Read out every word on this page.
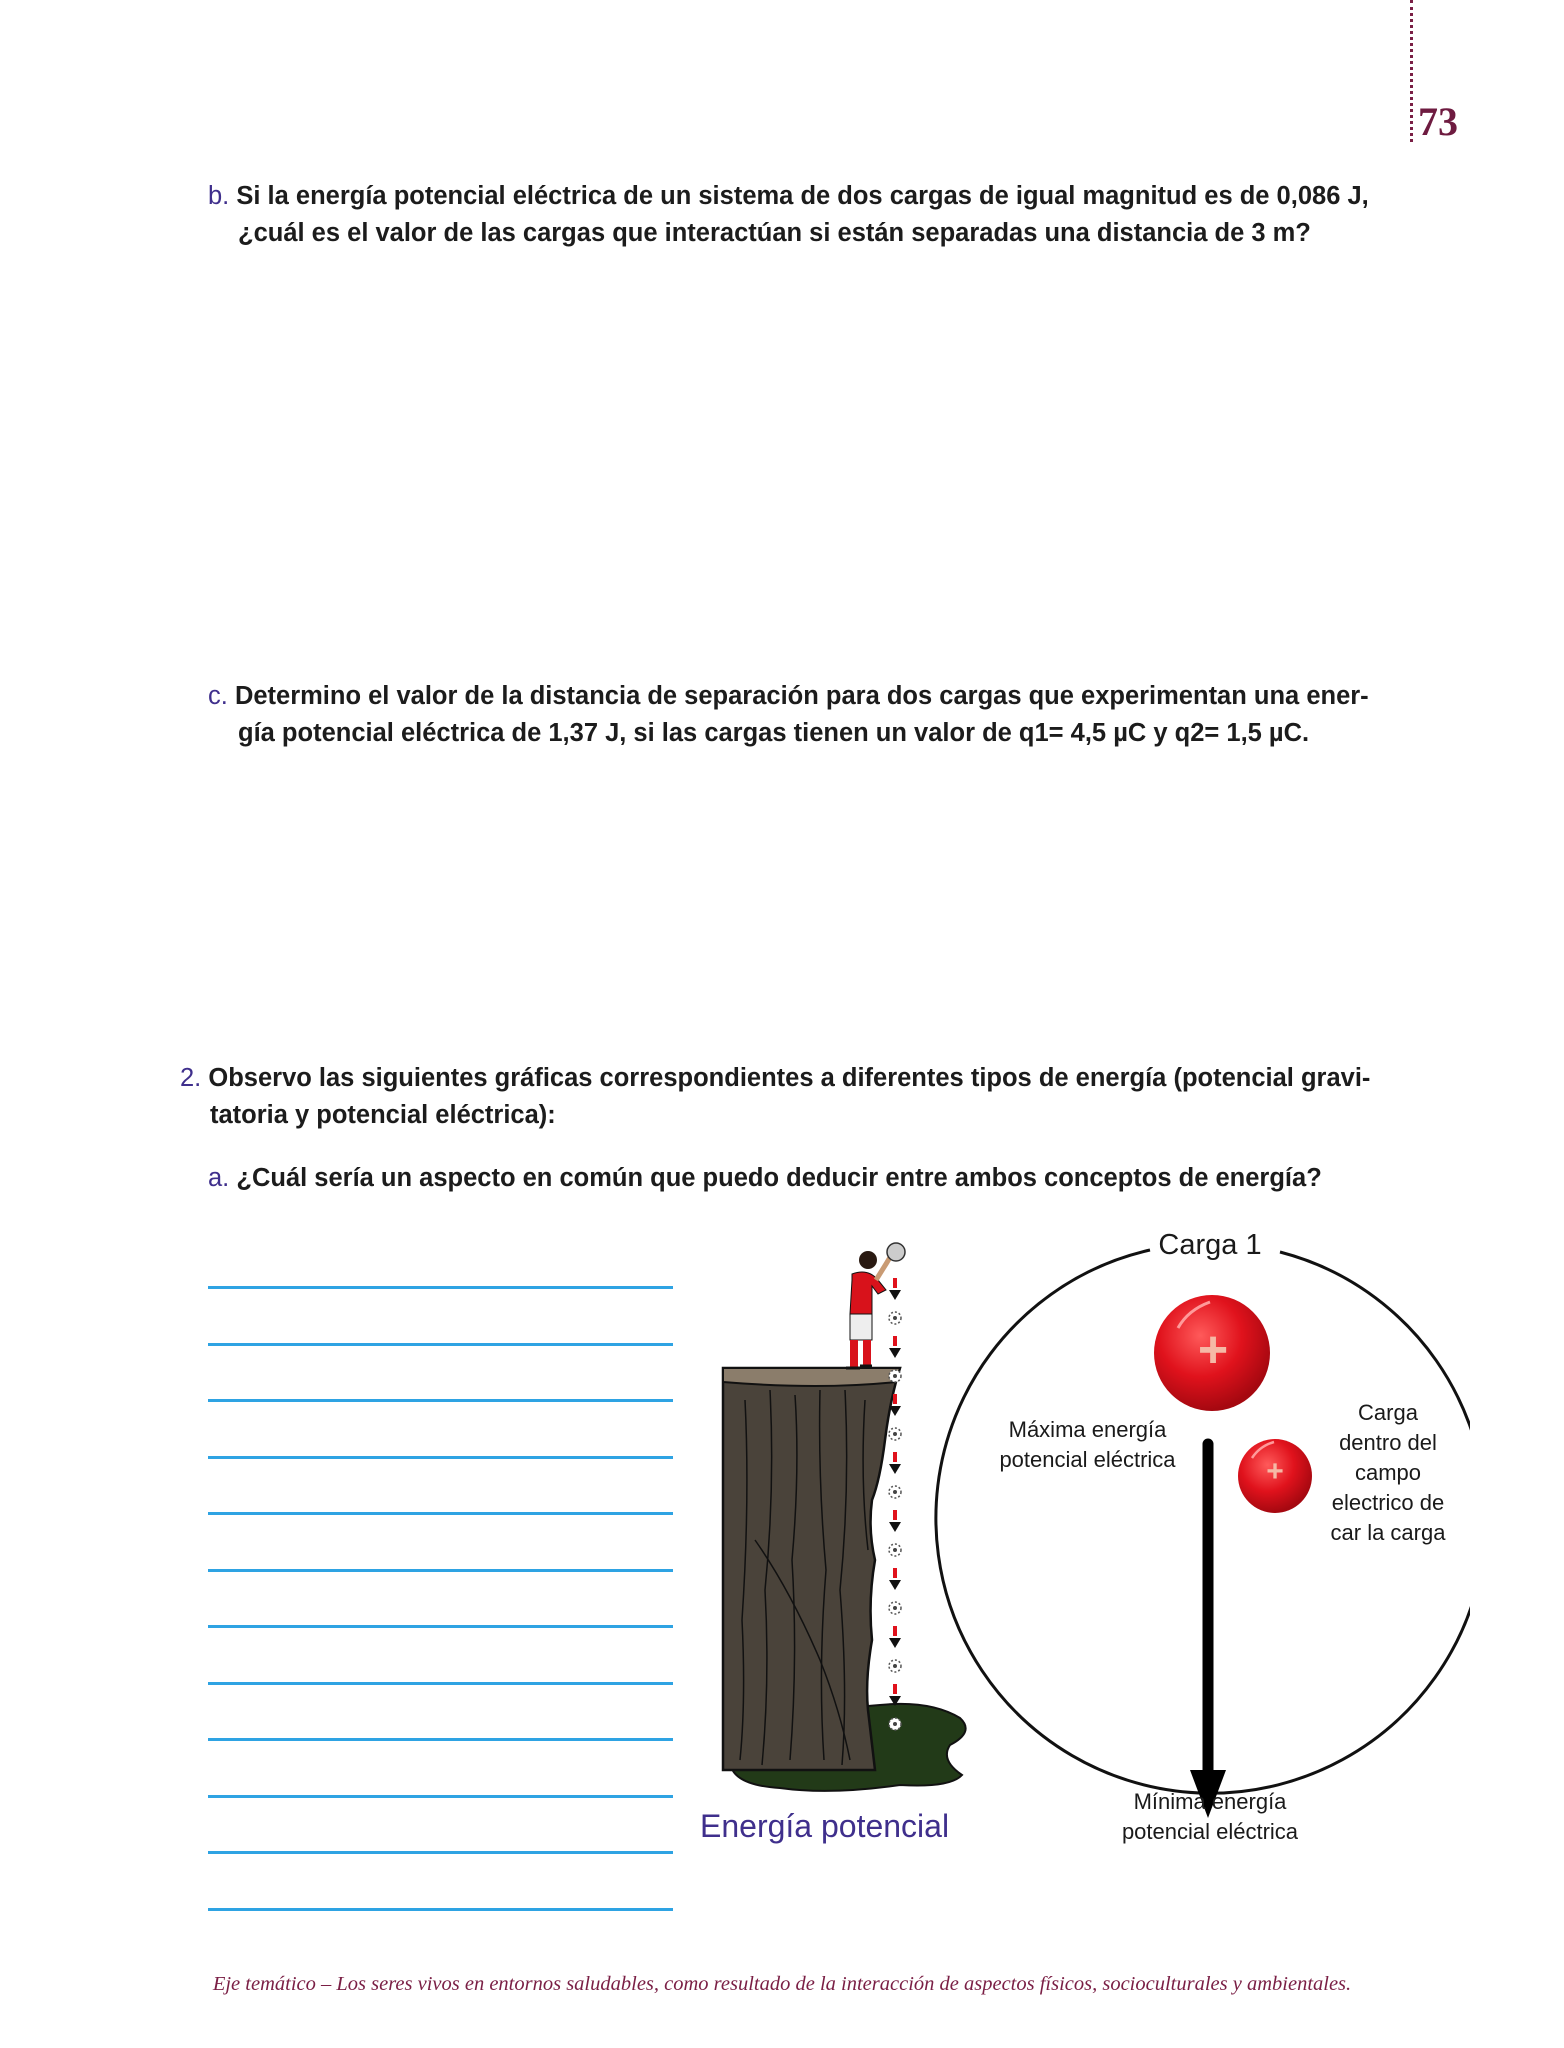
73
b. Si la energía potencial eléctrica de un sistema de dos cargas de igual magnitud es de 0,086 J,
¿cuál es el valor de las cargas que interactúan si están separadas una distancia de 3 m?
c. Determino el valor de la distancia de separación para dos cargas que experimentan una ener-
gía potencial eléctrica de 1,37 J, si las cargas tienen un valor de q1= 4,5 µC y q2= 1,5 µC.
2. Observo las siguientes gráficas correspondientes a diferentes tipos de energía (potencial gravi-
tatoria y potencial eléctrica):
a. ¿Cuál sería un aspecto en común que puedo deducir entre ambos conceptos de energía?
Energía potencial
+
+
Carga 1
Máxima energía
potencial eléctrica
Carga
dentro del
campo
electrico de
car la carga
Mínima energía
potencial eléctrica
Eje temático – Los seres vivos en entornos saludables, como resultado de la interacción de aspectos físicos, socioculturales y ambientales.
